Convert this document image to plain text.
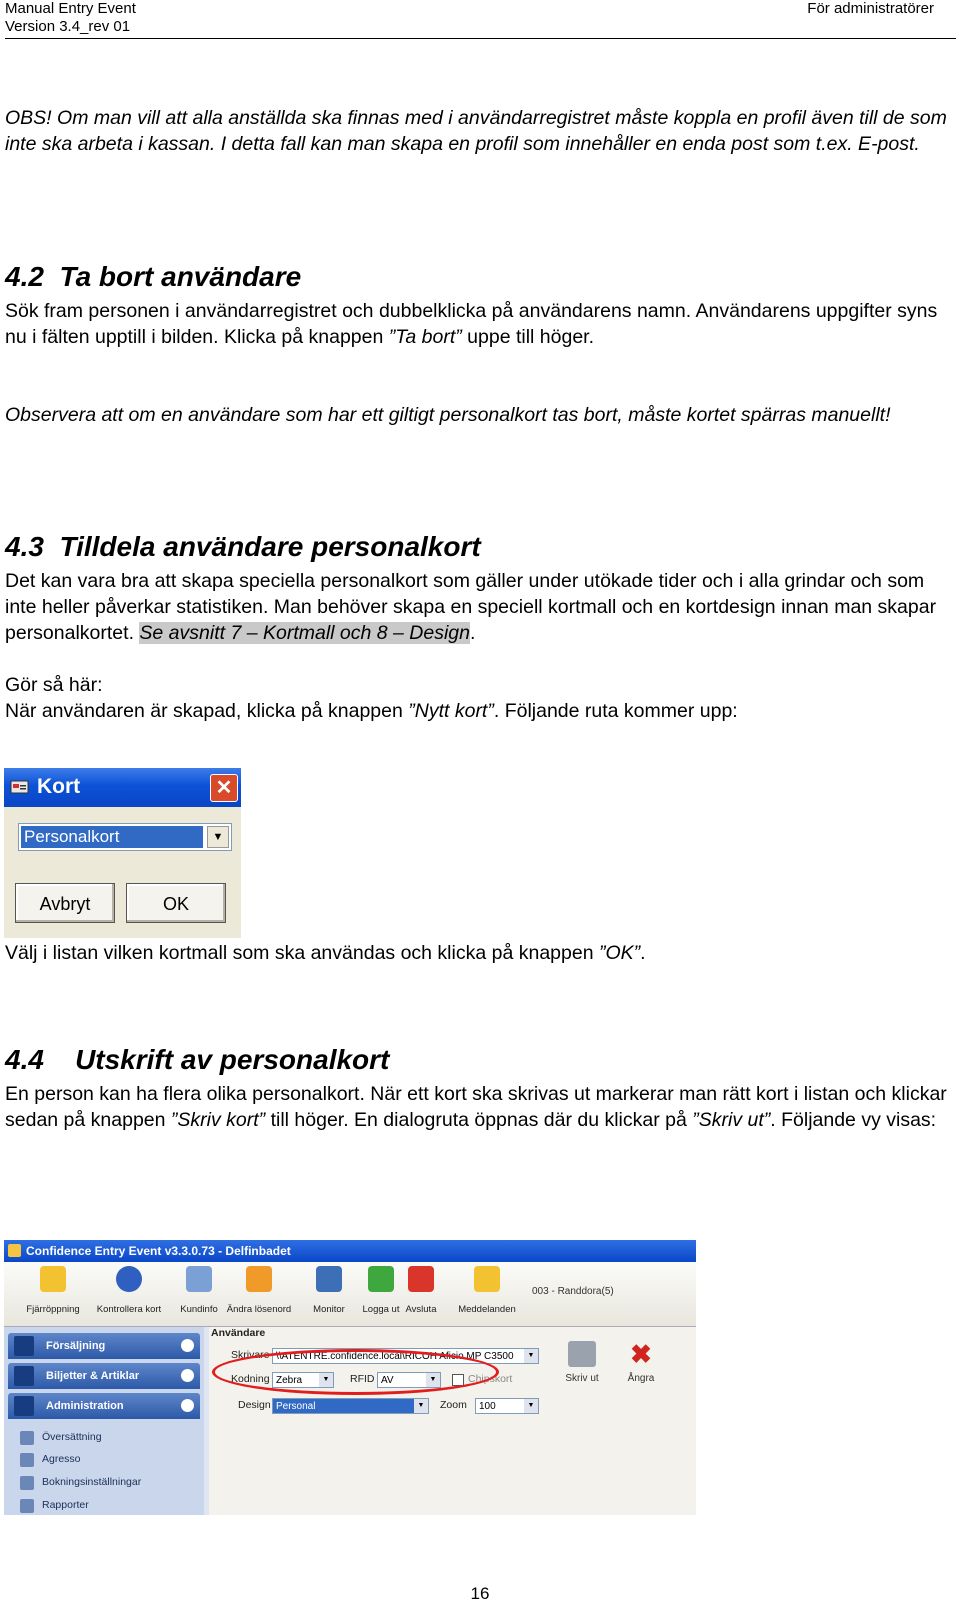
Manual Entry Event
Version 3.4_rev 01
För administratörer

OBS! Om man vill att alla anställda ska finnas med i användarregistret måste koppla en profil även till de som inte ska arbeta i kassan. I detta fall kan man skapa en profil som innehåller en enda post som t.ex. E-post.

4.2 Ta bort användare

Sök fram personen i användarregistret och dubbelklicka på användarens namn. Användarens uppgifter syns nu i fälten upptill i bilden. Klicka på knappen ”Ta bort” uppe till höger.

Observera att om en användare som har ett giltigt personalkort tas bort, måste kortet spärras manuellt!

4.3 Tilldela användare personalkort

Det kan vara bra att skapa speciella personalkort som gäller under utökade tider och i alla grindar och som inte heller påverkar statistiken. Man behöver skapa en speciell kortmall och en kortdesign innan man skapar personalkortet. Se avsnitt 7 – Kortmall och 8 – Design.

Gör så här:

När användaren är skapad, klicka på knappen ”Nytt kort”. Följande ruta kommer upp:

Kort	✕
Personalkort	▼
Avbryt	OK

Välj i listan vilken kortmall som ska användas och klicka på knappen ”OK”.

4.4 Utskrift av personalkort

En person kan ha flera olika personalkort. När ett kort ska skrivas ut markerar man rätt kort i listan och klickar sedan på knappen ”Skriv kort” till höger. En dialogruta öppnas där du klickar på ”Skriv ut”. Följande vy visas:

Confidence Entry Event v3.3.0.73 - Delfinbadet
Fjärröppning	Kontrollera kort	Kundinfo Ändra lösenord	Monitor	Logga ut Avsluta	Meddelanden
003 - Randdora(5)
Försäljning
Biljetter & Artiklar
Administration
Översättning
Agresso
Bokningsinställningar
Rapporter
Användare
Skrivare \\ATENTRE.confidence.local\RICOH Aficio MP C3500	▼
Kodning Zebra	▼	RFID AV	▼	Chipskort
Design Personal	▼	Zoom	100	▼
Skriv ut
✖
Ångra
16
